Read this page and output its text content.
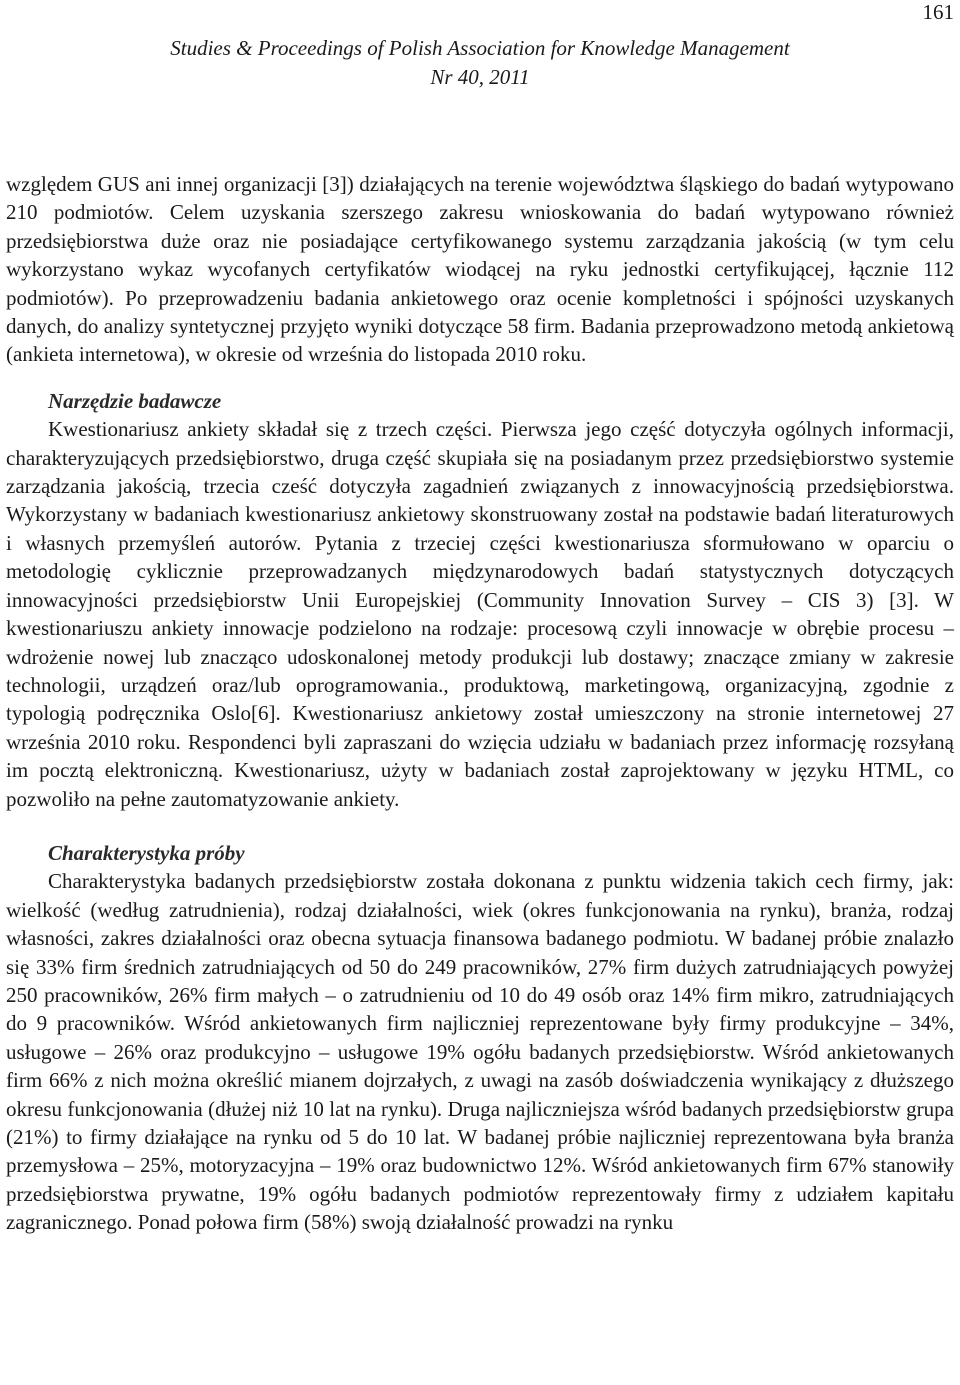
161
Studies & Proceedings of Polish Association for Knowledge Management
Nr 40, 2011

względem GUS ani innej organizacji [3]) działających na terenie województwa śląskiego do badań wytypowano 210 podmiotów. Celem uzyskania szerszego zakresu wnioskowania do badań wytypowano również przedsiębiorstwa duże oraz nie posiadające certyfikowanego systemu zarządzania jakością (w tym celu wykorzystano wykaz wycofanych certyfikatów wiodącej na ryku jednostki certyfikującej, łącznie 112 podmiotów). Po przeprowadzeniu badania ankietowego oraz ocenie kompletności i spójności uzyskanych danych, do analizy syntetycznej przyjęto wyniki dotyczące 58 firm. Badania przeprowadzono metodą ankietową (ankieta internetowa), w okresie od września do listopada 2010 roku.

Narzędzie badawcze

Kwestionariusz ankiety składał się z trzech części. Pierwsza jego część dotyczyła ogólnych informacji, charakteryzujących przedsiębiorstwo, druga część skupiała się na posiadanym przez przedsiębiorstwo systemie zarządzania jakością, trzecia cześć dotyczyła zagadnień związanych z innowacyjnością przedsiębiorstwa. Wykorzystany w badaniach kwestionariusz ankietowy skonstruowany został na podstawie badań literaturowych i własnych przemyśleń autorów. Pytania z trzeciej części kwestionariusza sformułowano w oparciu o metodologię cyklicznie przeprowadzanych międzynarodowych badań statystycznych dotyczących innowacyjności przedsiębiorstw Unii Europejskiej (Community Innovation Survey – CIS 3) [3]. W kwestionariuszu ankiety innowacje podzielono na rodzaje: procesową czyli innowacje w obrębie procesu – wdrożenie nowej lub znacząco udoskonalonej metody produkcji lub dostawy; znaczące zmiany w zakresie technologii, urządzeń oraz/lub oprogramowania., produktową, marketingową, organizacyjną, zgodnie z typologią podręcznika Oslo[6]. Kwestionariusz ankietowy został umieszczony na stronie internetowej 27 września 2010 roku. Respondenci byli zapraszani do wzięcia udziału w badaniach przez informację rozsyłaną im pocztą elektroniczną. Kwestionariusz, użyty w badaniach został zaprojektowany w języku HTML, co pozwoliło na pełne zautomatyzowanie ankiety.

Charakterystyka próby

Charakterystyka badanych przedsiębiorstw została dokonana z punktu widzenia takich cech firmy, jak: wielkość (według zatrudnienia), rodzaj działalności, wiek (okres funkcjonowania na rynku), branża, rodzaj własności, zakres działalności oraz obecna sytuacja finansowa badanego podmiotu. W badanej próbie znalazło się 33% firm średnich zatrudniających od 50 do 249 pracowników, 27% firm dużych zatrudniających powyżej 250 pracowników, 26% firm małych – o zatrudnieniu od 10 do 49 osób oraz 14% firm mikro, zatrudniających do 9 pracowników. Wśród ankietowanych firm najliczniej reprezentowane były firmy produkcyjne – 34%, usługowe – 26% oraz produkcyjno – usługowe 19% ogółu badanych przedsiębiorstw. Wśród ankietowanych firm 66% z nich można określić mianem dojrzałych, z uwagi na zasób doświadczenia wynikający z dłuższego okresu funkcjonowania (dłużej niż 10 lat na rynku). Druga najliczniejsza wśród badanych przedsiębiorstw grupa (21%) to firmy działające na rynku od 5 do 10 lat. W badanej próbie najliczniej reprezentowana była branża przemysłowa – 25%, motoryzacyjna – 19% oraz budownictwo 12%. Wśród ankietowanych firm 67% stanowiły przedsiębiorstwa prywatne, 19% ogółu badanych podmiotów reprezentowały firmy z udziałem kapitału zagranicznego. Ponad połowa firm (58%) swoją działalność prowadzi na rynku
